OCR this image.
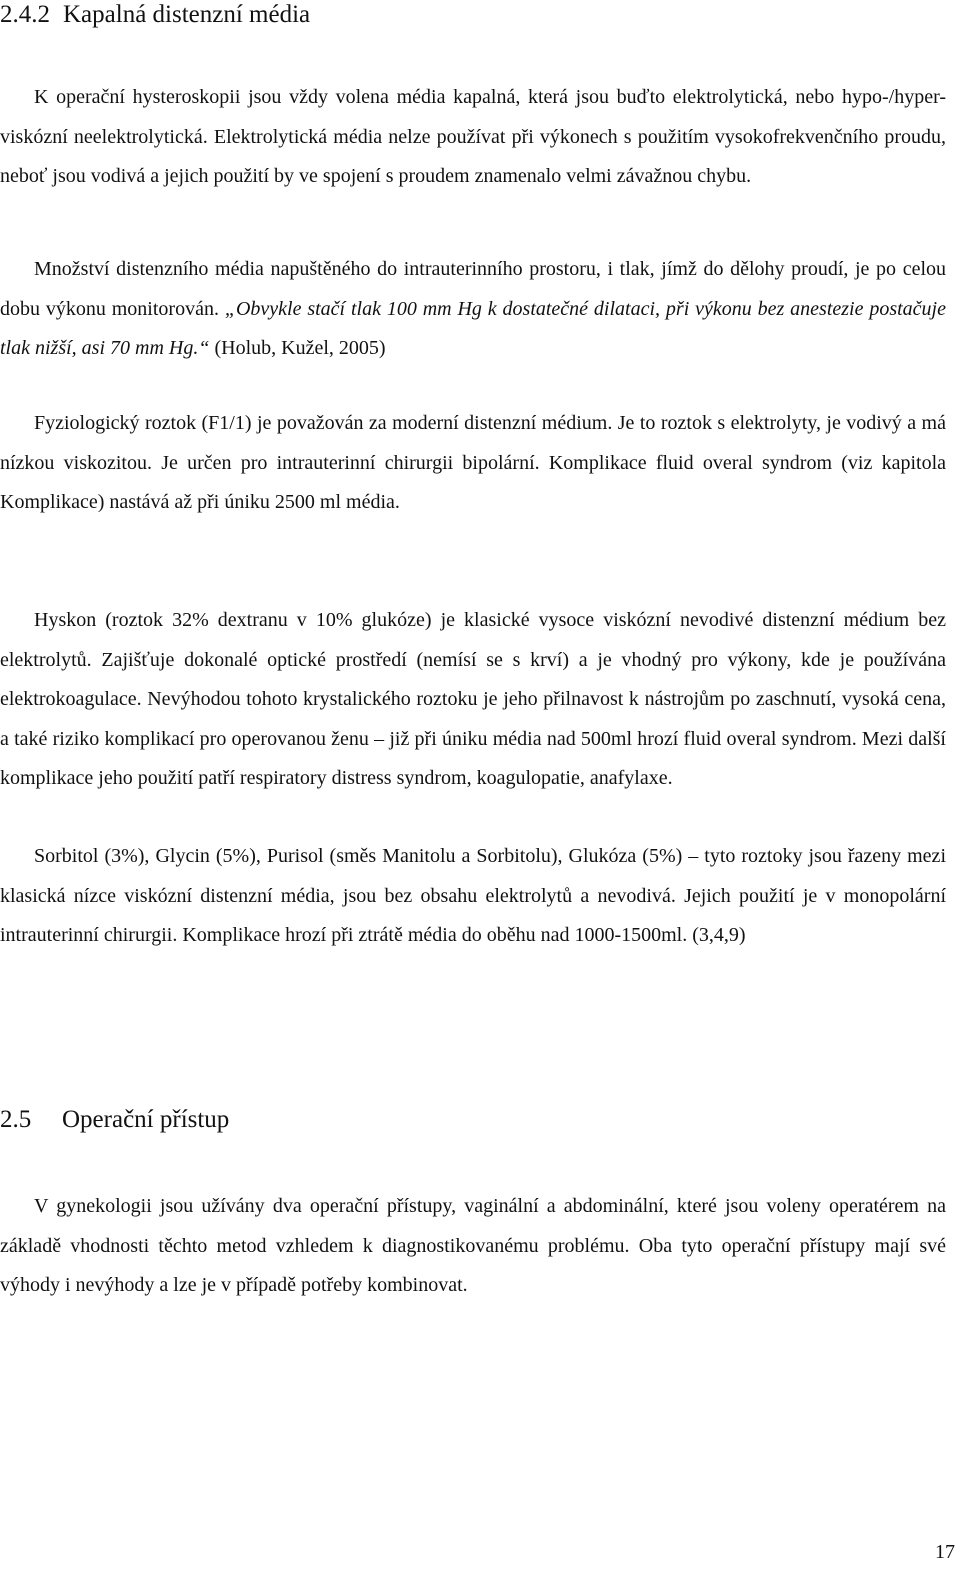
2.4.2 Kapalná distenzní média

K operační hysteroskopii jsou vždy volena média kapalná, která jsou buďto elektrolytická, nebo hypo-/hyper- viskózní neelektrolytická. Elektrolytická média nelze používat při výkonech s použitím vysokofrekvenčního proudu, neboť jsou vodivá a jejich použití by ve spojení s proudem znamenalo velmi závažnou chybu.

Množství distenzního média napuštěného do intrauterinního prostoru, i tlak, jímž do dělohy proudí, je po celou dobu výkonu monitorován. „Obvykle stačí tlak 100 mm Hg k dostatečné dilataci, při výkonu bez anestezie postačuje tlak nižší, asi 70 mm Hg.“ (Holub, Kužel, 2005)

Fyziologický roztok (F1/1) je považován za moderní distenzní médium. Je to roztok s elektrolyty, je vodivý a má nízkou viskozitou. Je určen pro intrauterinní chirurgii bipolární. Komplikace fluid overal syndrom (viz kapitola Komplikace) nastává až při úniku 2500 ml média.

Hyskon (roztok 32% dextranu v 10% glukóze) je klasické vysoce viskózní nevodivé distenzní médium bez elektrolytů. Zajišťuje dokonalé optické prostředí (nemísí se s krví) a je vhodný pro výkony, kde je používána elektrokoagulace. Nevýhodou tohoto krystalického roztoku je jeho přilnavost k nástrojům po zaschnutí, vysoká cena, a také riziko komplikací pro operovanou ženu – již při úniku média nad 500ml hrozí fluid overal syndrom. Mezi další komplikace jeho použití patří respiratory distress syndrom, koagulopatie, anafylaxe.

Sorbitol (3%), Glycin (5%), Purisol (směs Manitolu a Sorbitolu), Glukóza (5%) – tyto roztoky jsou řazeny mezi klasická nízce viskózní distenzní média, jsou bez obsahu elektrolytů a nevodivá. Jejich použití je v monopolární intrauterinní chirurgii. Komplikace hrozí při ztrátě média do oběhu nad 1000-1500ml. (3,4,9)

2.5 Operační přístup

V gynekologii jsou užívány dva operační přístupy, vaginální a abdominální, které jsou voleny operatérem na základě vhodnosti těchto metod vzhledem k diagnostikovanému problému. Oba tyto operační přístupy mají své výhody i nevýhody a lze je v případě potřeby kombinovat.

17
